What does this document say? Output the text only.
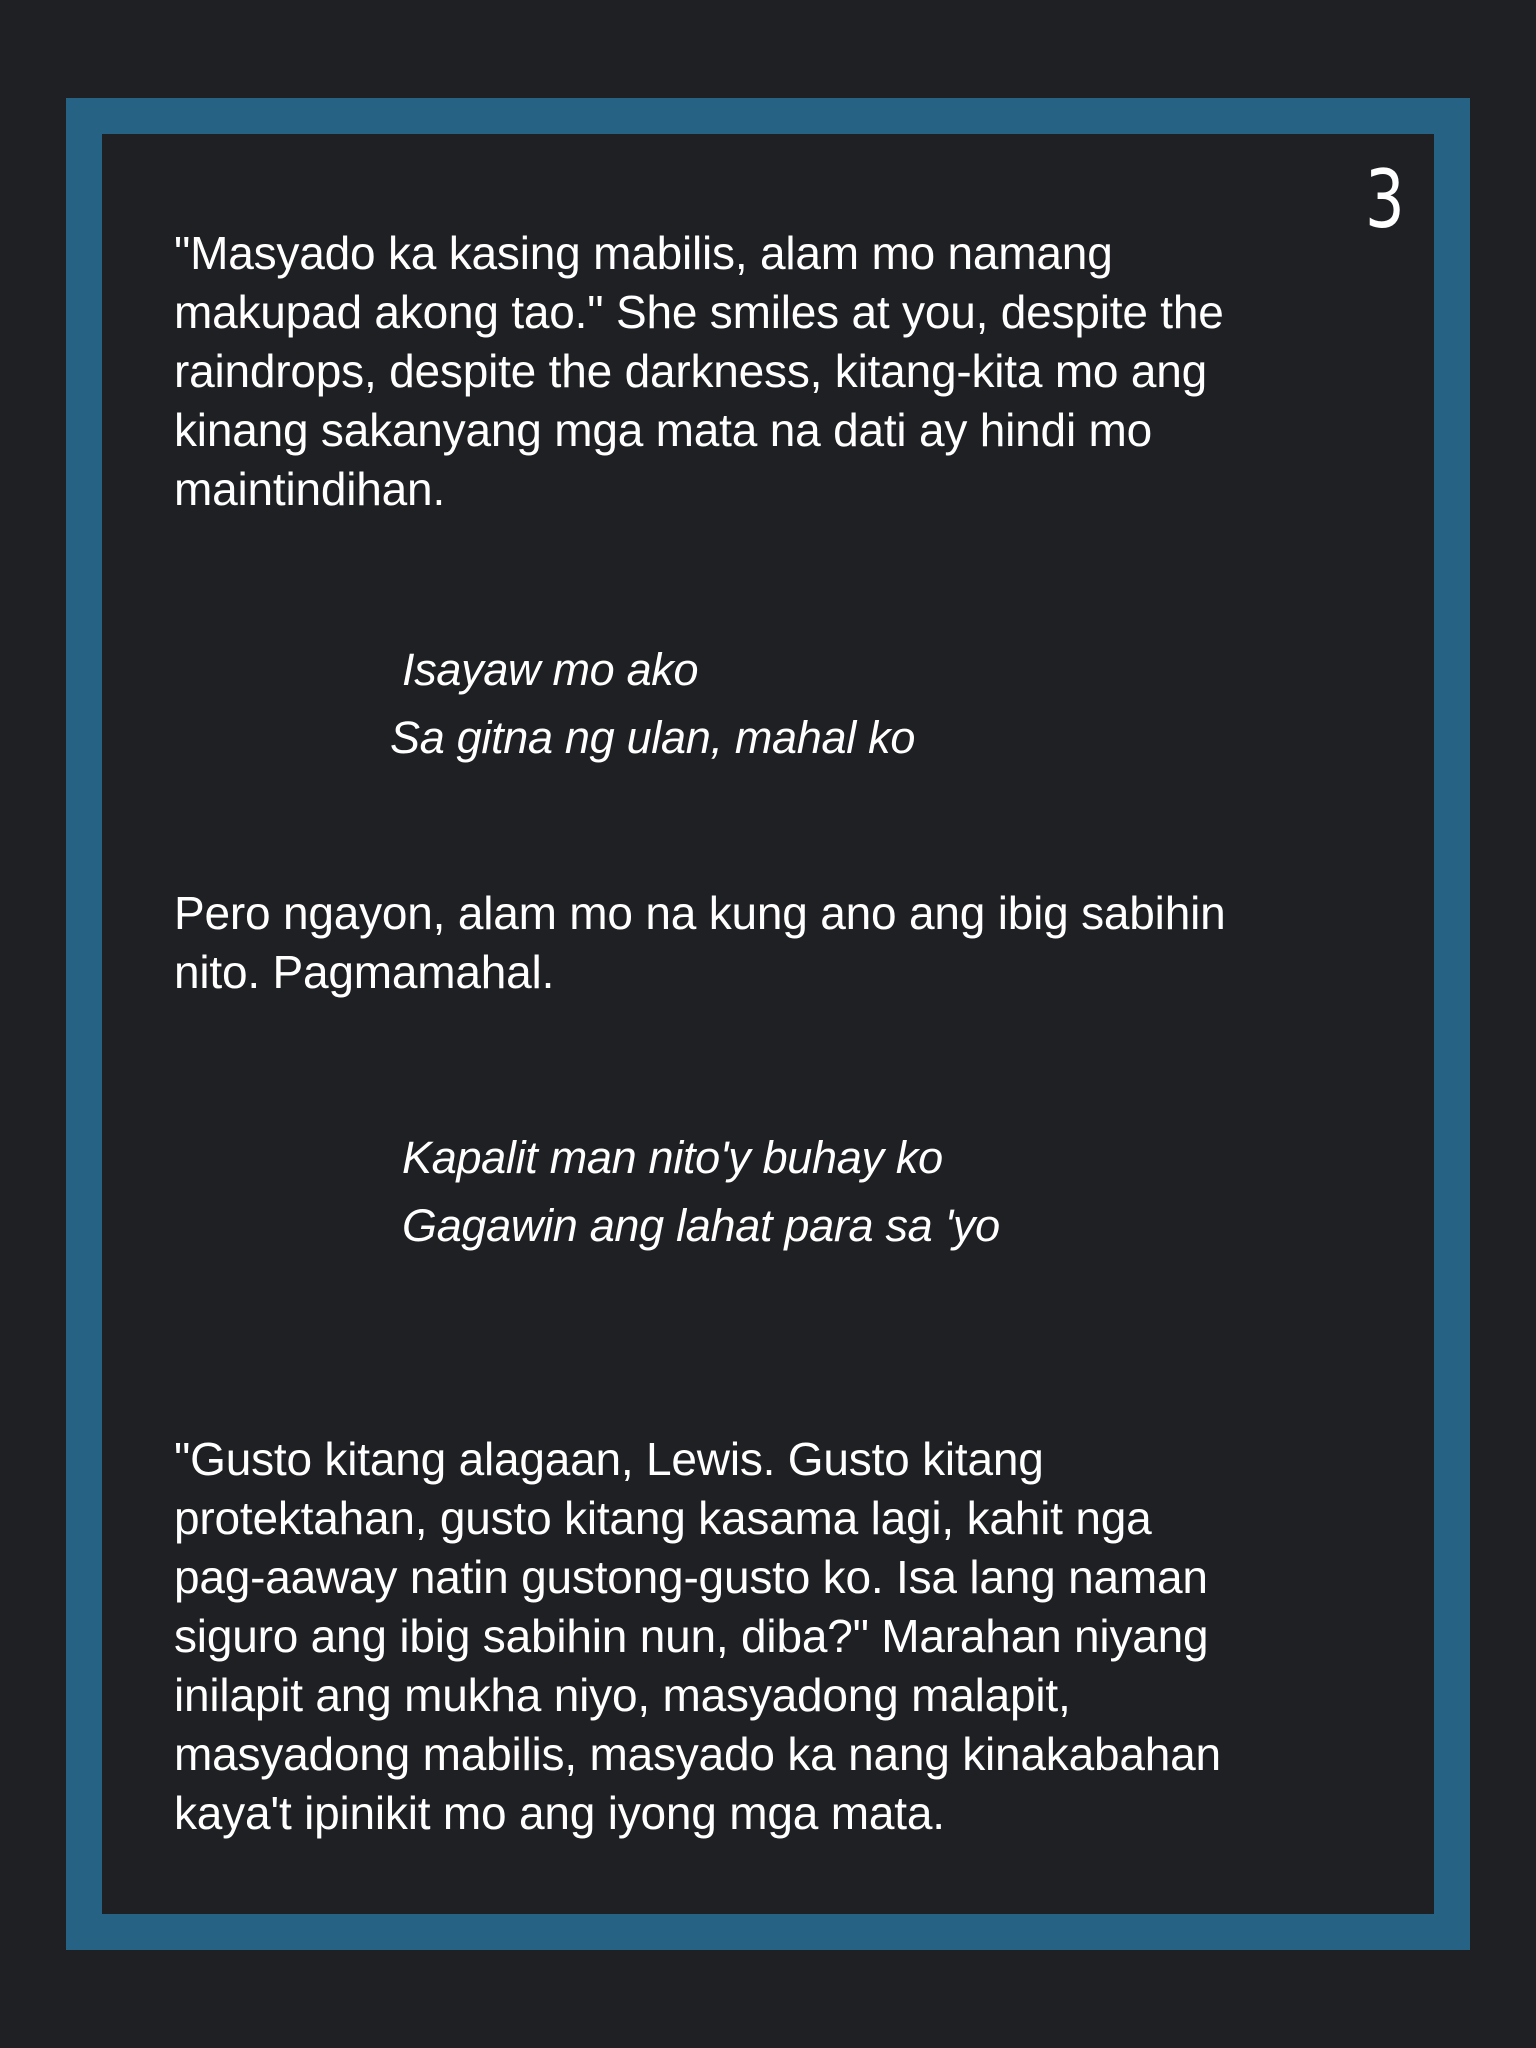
3

"Masyado ka kasing mabilis, alam mo namang
makupad akong tao." She smiles at you, despite the
raindrops, despite the darkness, kitang-kita mo ang
kinang sakanyang mga mata na dati ay hindi mo
maintindihan.

Isayaw mo ako

Sa gitna ng ulan, mahal ko

Pero ngayon, alam mo na kung ano ang ibig sabihin
nito. Pagmamahal.

Kapalit man nito'y buhay ko

Gagawin ang lahat para sa 'yo

"Gusto kitang alagaan, Lewis. Gusto kitang
protektahan, gusto kitang kasama lagi, kahit nga
pag-aaway natin gustong-gusto ko. Isa lang naman
siguro ang ibig sabihin nun, diba?" Marahan niyang
inilapit ang mukha niyo, masyadong malapit,
masyadong mabilis, masyado ka nang kinakabahan
kaya't ipinikit mo ang iyong mga mata.
